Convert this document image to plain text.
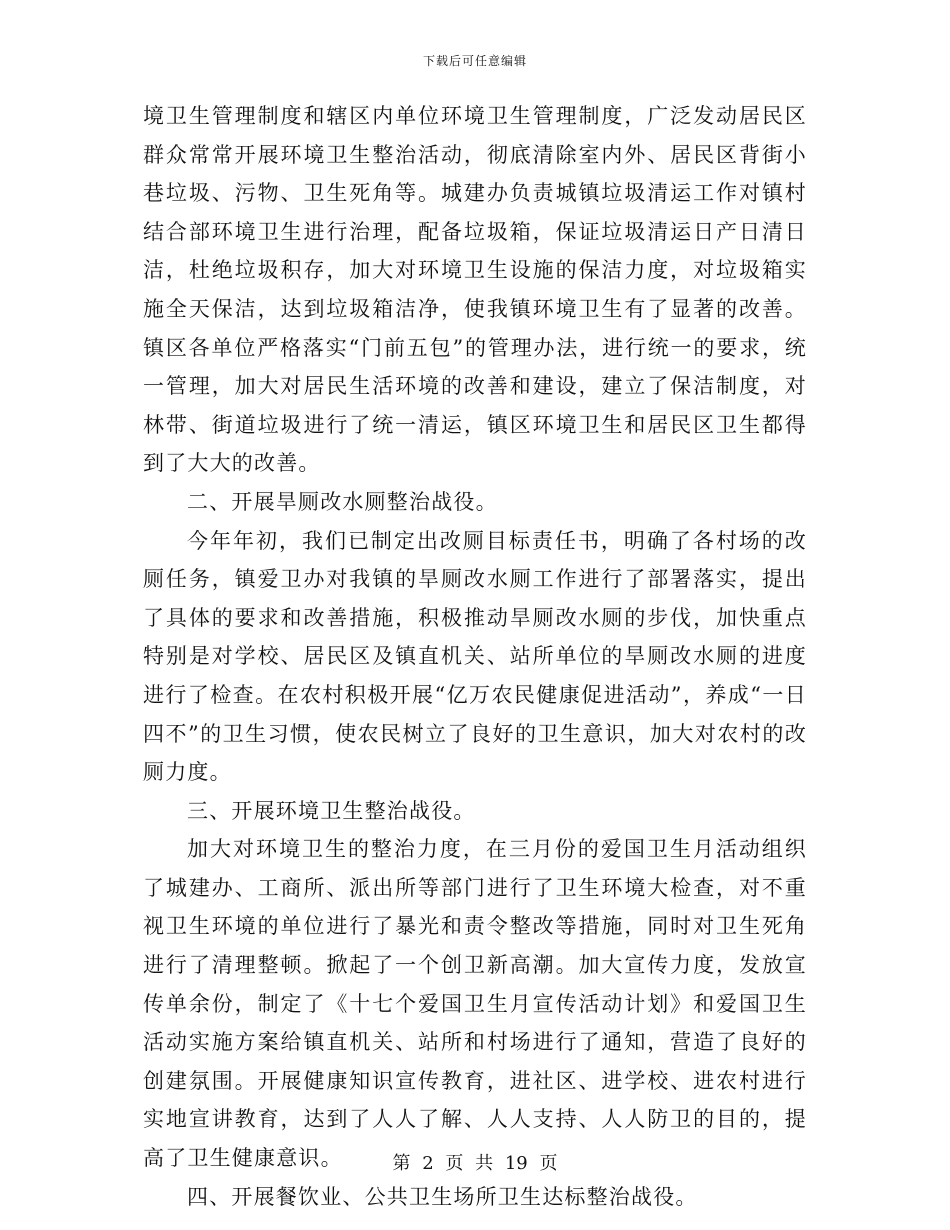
下载后可任意编辑

境卫生管理制度和辖区内单位环境卫生管理制度，广泛发动居民区群众常常开展环境卫生整治活动，彻底清除室内外、居民区背街小巷垃圾、污物、卫生死角等。城建办负责城镇垃圾清运工作对镇村结合部环境卫生进行治理，配备垃圾箱，保证垃圾清运日产日清日洁，杜绝垃圾积存，加大对环境卫生设施的保洁力度，对垃圾箱实施全天保洁，达到垃圾箱洁净，使我镇环境卫生有了显著的改善。镇区各单位严格落实“门前五包”的管理办法，进行统一的要求，统一管理，加大对居民生活环境的改善和建设，建立了保洁制度，对林带、街道垃圾进行了统一清运，镇区环境卫生和居民区卫生都得到了大大的改善。

二、开展旱厕改水厕整治战役。

今年年初，我们已制定出改厕目标责任书，明确了各村场的改厕任务，镇爱卫办对我镇的旱厕改水厕工作进行了部署落实，提出了具体的要求和改善措施，积极推动旱厕改水厕的步伐，加快重点特别是对学校、居民区及镇直机关、站所单位的旱厕改水厕的进度进行了检查。在农村积极开展“亿万农民健康促进活动”，养成“一日四不”的卫生习惯，使农民树立了良好的卫生意识，加大对农村的改厕力度。

三、开展环境卫生整治战役。

加大对环境卫生的整治力度，在三月份的爱国卫生月活动组织了城建办、工商所、派出所等部门进行了卫生环境大检查，对不重视卫生环境的单位进行了暴光和责令整改等措施，同时对卫生死角进行了清理整顿。掀起了一个创卫新高潮。加大宣传力度，发放宣传单余份，制定了《十七个爱国卫生月宣传活动计划》和爱国卫生活动实施方案给镇直机关、站所和村场进行了通知，营造了良好的创建氛围。开展健康知识宣传教育，进社区、进学校、进农村进行实地宣讲教育，达到了人人了解、人人支持、人人防卫的目的，提高了卫生健康意识。

四、开展餐饮业、公共卫生场所卫生达标整治战役。

第 2 页 共 19 页
